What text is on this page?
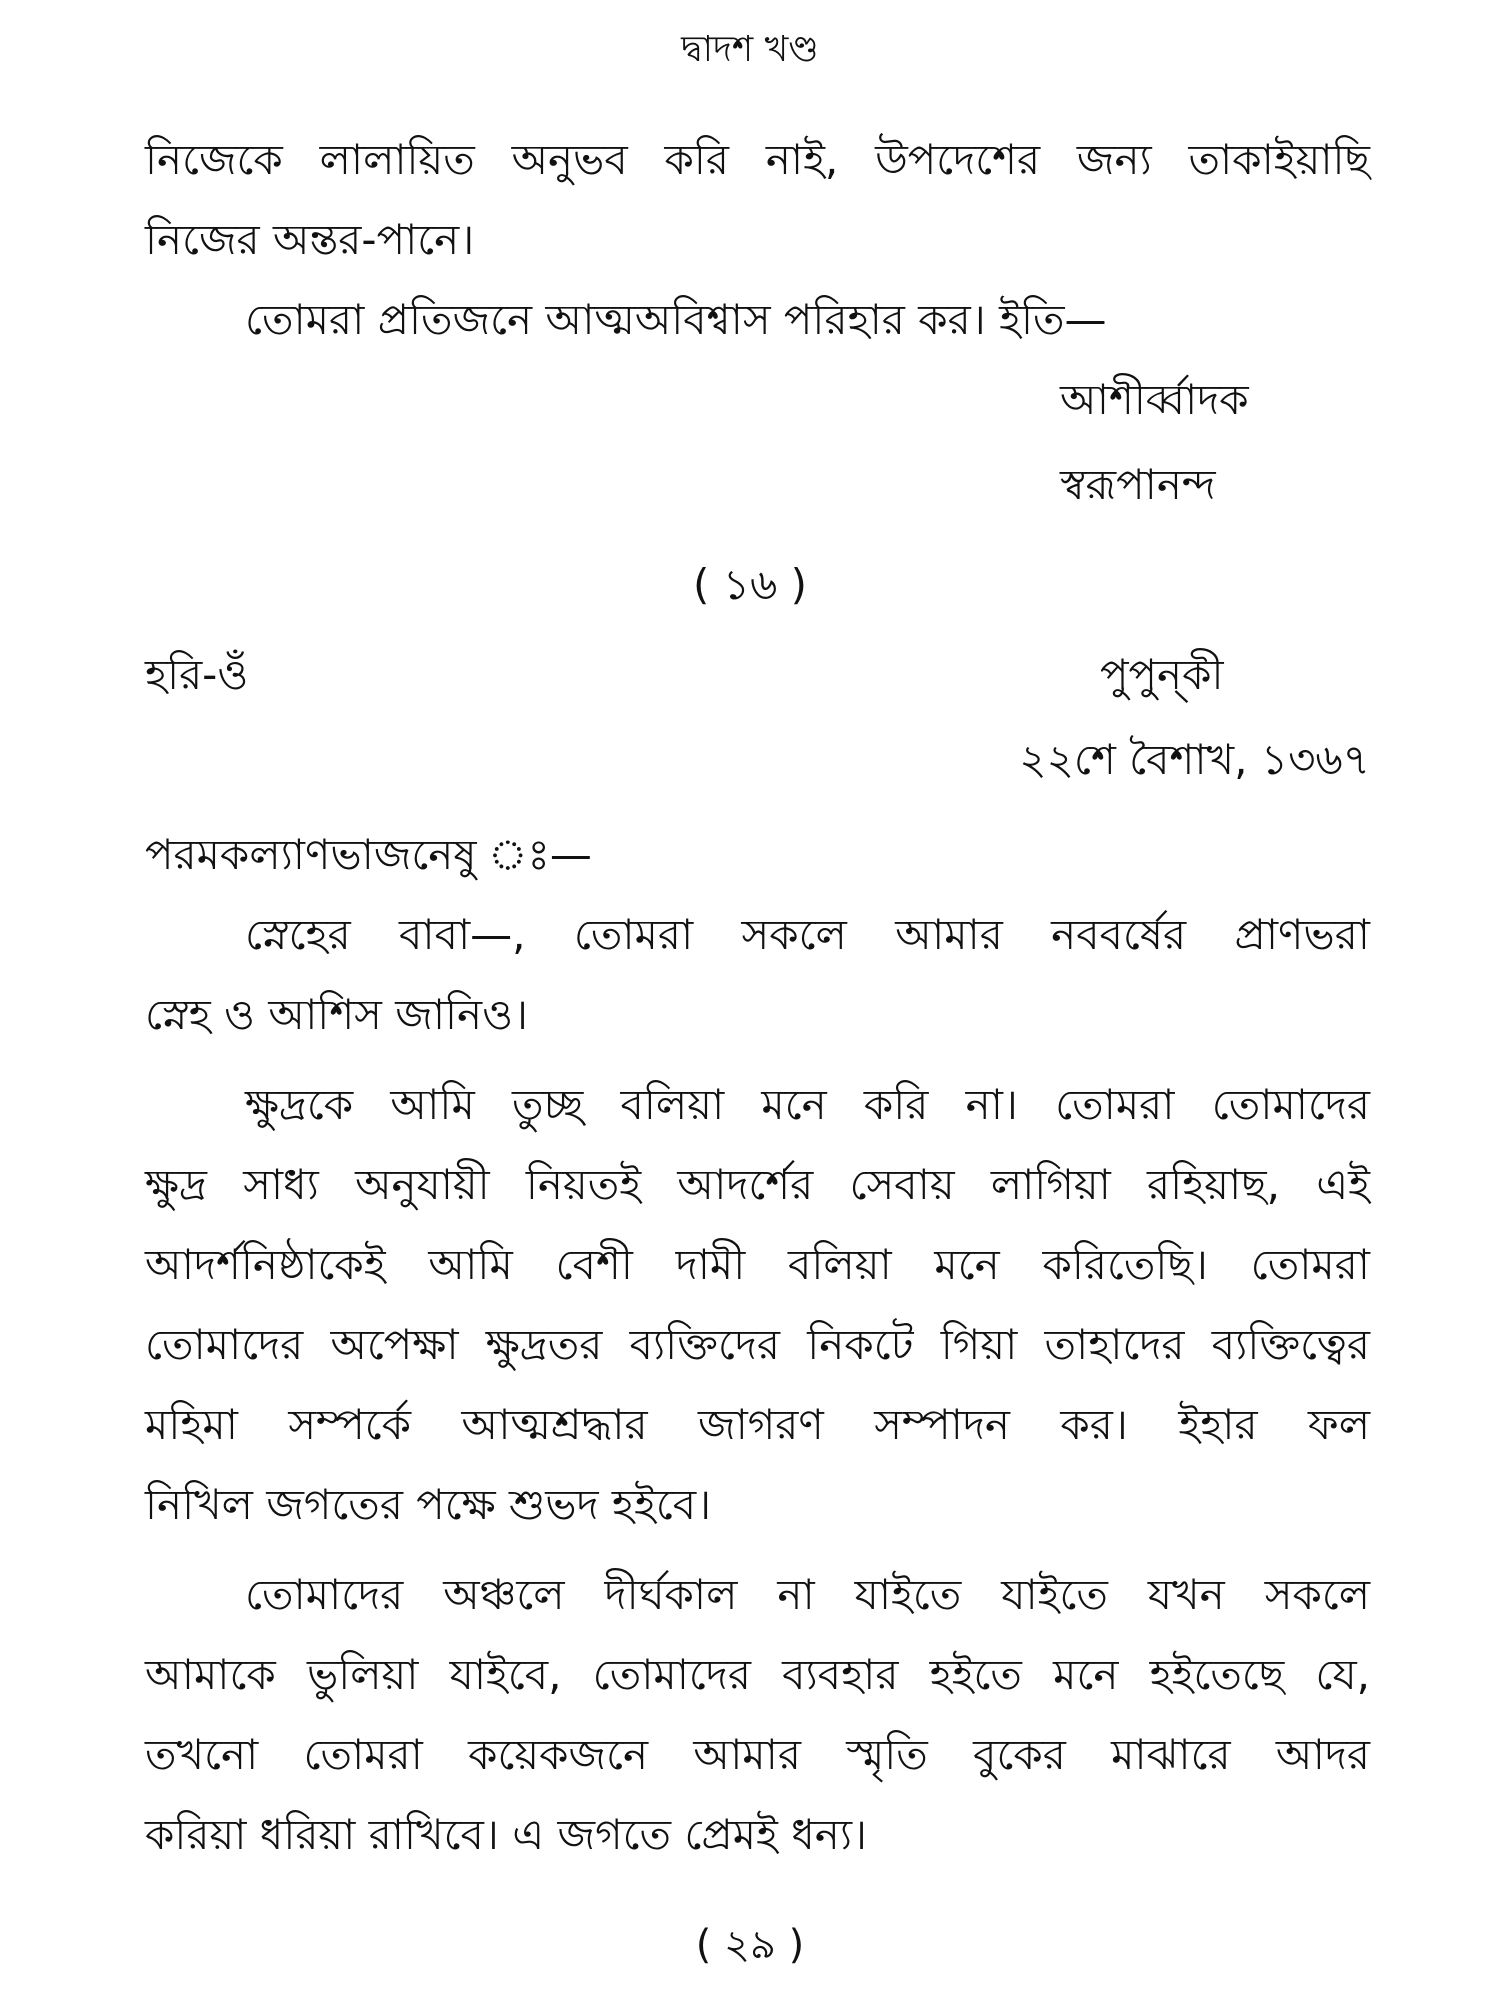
দ্বাদশ খণ্ড
নিজেকে লালায়িত অনুভব করি নাই, উপদেশের জন্য তাকাইয়াছি
নিজের অন্তর-পানে।
তোমরা প্রতিজনে আত্মঅবিশ্বাস পরিহার কর। ইতি—
আশীর্ব্বাদক
স্বরূপানন্দ
( ১৬ )
হরি-ওঁ	পুপুন্‌কী
২২শে বৈশাখ, ১৩৬৭
পরমকল্যাণভাজনেষু ঃ—
স্নেহের বাবা—, তোমরা সকলে আমার নববর্ষের প্রাণভরা
স্নেহ ও আশিস জানিও।
ক্ষুদ্রকে আমি তুচ্ছ বলিয়া মনে করি না। তোমরা তোমাদের
ক্ষুদ্র সাধ্য অনুযায়ী নিয়তই আদর্শের সেবায় লাগিয়া রহিয়াছ, এই
আদর্শনিষ্ঠাকেই আমি বেশী দামী বলিয়া মনে করিতেছি। তোমরা
তোমাদের অপেক্ষা ক্ষুদ্রতর ব্যক্তিদের নিকটে গিয়া তাহাদের ব্যক্তিত্বের
মহিমা সম্পর্কে আত্মশ্রদ্ধার জাগরণ সম্পাদন কর। ইহার ফল
নিখিল জগতের পক্ষে শুভদ হইবে।
তোমাদের অঞ্চলে দীর্ঘকাল না যাইতে যাইতে যখন সকলে
আমাকে ভুলিয়া যাইবে, তোমাদের ব্যবহার হইতে মনে হইতেছে যে,
তখনো তোমরা কয়েকজনে আমার স্মৃতি বুকের মাঝারে আদর
করিয়া ধরিয়া রাখিবে। এ জগতে প্রেমই ধন্য।
( ২৯ )
